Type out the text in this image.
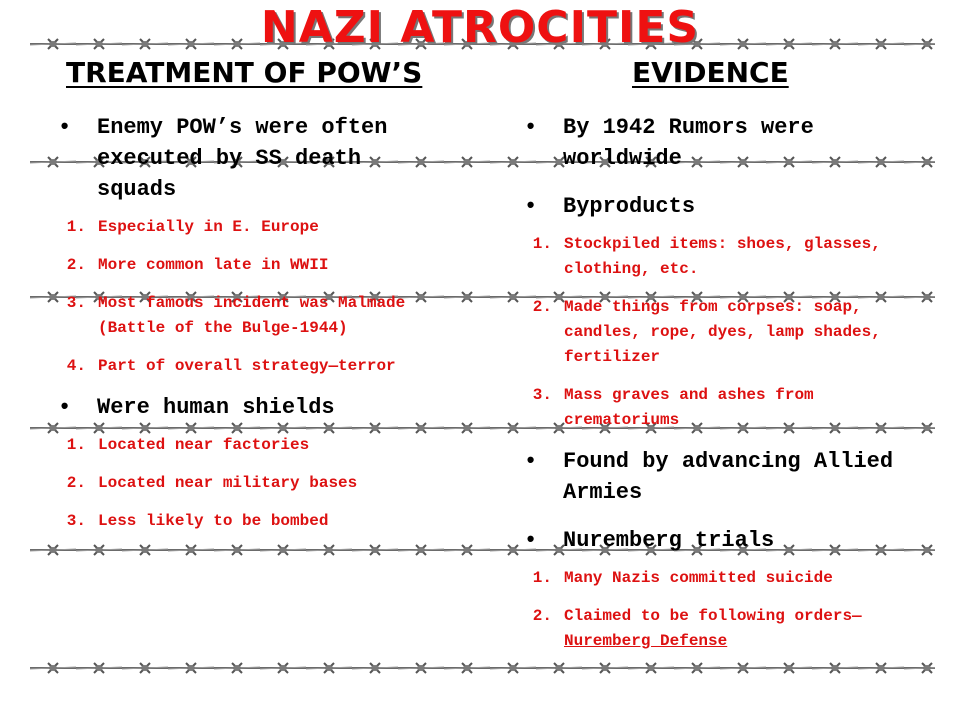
NAZI ATROCITIES
TREATMENT OF POW’S	EVIDENCE
• Enemy POW’s were often executed by SS death squads
1. Especially in E. Europe
2. More common late in WWII
3. Most famous incident was Malmade (Battle of the Bulge-1944)
4. Part of overall strategy—terror
• Were human shields
1. Located near factories
2. Located near military bases
3. Less likely to be bombed
• By 1942 Rumors were worldwide
• Byproducts
1. Stockpiled items: shoes, glasses, clothing, etc.
2. Made things from corpses: soap, candles, rope, dyes, lamp shades, fertilizer
3. Mass graves and ashes from crematoriums
• Found by advancing Allied Armies
• Nuremberg trials
1. Many Nazis committed suicide
2. Claimed to be following orders—Nuremberg Defense
